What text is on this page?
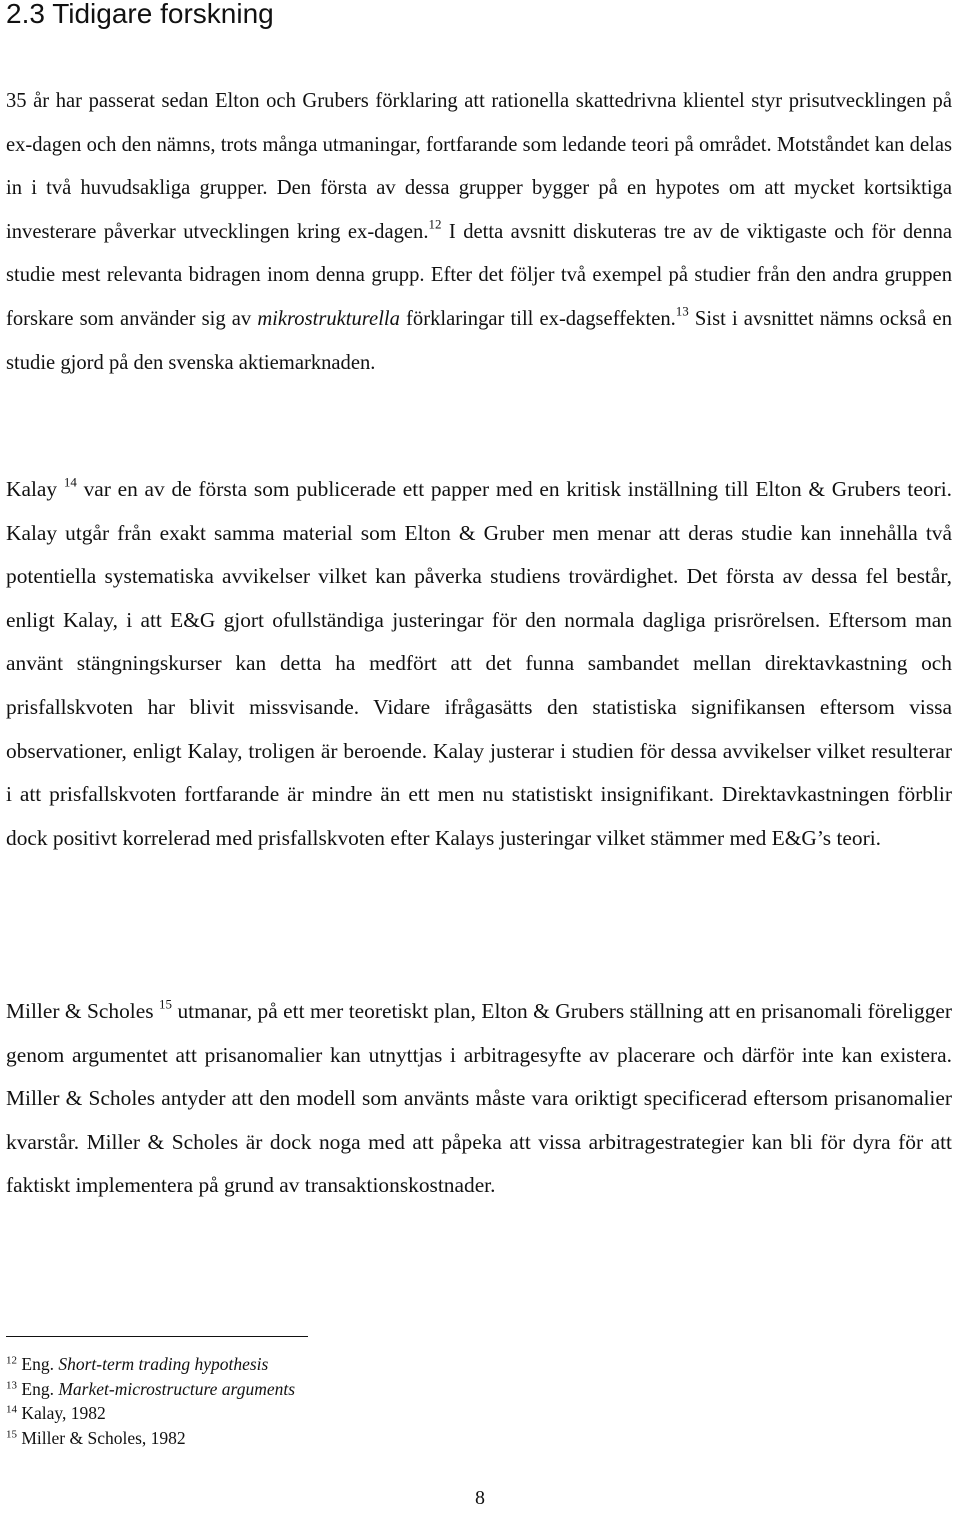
2.3 Tidigare forskning

35 år har passerat sedan Elton och Grubers förklaring att rationella skattedrivna klientel styr prisutvecklingen på ex-dagen och den nämns, trots många utmaningar, fortfarande som ledande teori på området. Motståndet kan delas in i två huvudsakliga grupper. Den första av dessa grupper bygger på en hypotes om att mycket kortsiktiga investerare påverkar utvecklingen kring ex-dagen.$^{12}$ I detta avsnitt diskuteras tre av de viktigaste och för denna studie mest relevanta bidragen inom denna grupp. Efter det följer två exempel på studier från den andra gruppen forskare som använder sig av mikrostrukturella förklaringar till ex-dagseffekten.$^{13}$ Sist i avsnittet nämns också en studie gjord på den svenska aktiemarknaden.

Kalay $^{14}$ var en av de första som publicerade ett papper med en kritisk inställning till Elton & Grubers teori. Kalay utgår från exakt samma material som Elton & Gruber men menar att deras studie kan innehålla två potentiella systematiska avvikelser vilket kan påverka studiens trovärdighet. Det första av dessa fel består, enligt Kalay, i att E&G gjort ofullständiga justeringar för den normala dagliga prisrörelsen. Eftersom man använt stängningskurser kan detta ha medfört att det funna sambandet mellan direktavkastning och prisfallskvoten har blivit missvisande. Vidare ifrågasätts den statistiska signifikansen eftersom vissa observationer, enligt Kalay, troligen är beroende. Kalay justerar i studien för dessa avvikelser vilket resulterar i att prisfallskvoten fortfarande är mindre än ett men nu statistiskt insignifikant. Direktavkastningen förblir dock positivt korrelerad med prisfallskvoten efter Kalays justeringar vilket stämmer med E&G’s teori.

Miller & Scholes $^{15}$ utmanar, på ett mer teoretiskt plan, Elton & Grubers ställning att en prisanomali föreligger genom argumentet att prisanomalier kan utnyttjas i arbitragesyfte av placerare och därför inte kan existera. Miller & Scholes antyder att den modell som använts måste vara oriktigt specificerad eftersom prisanomalier kvarstår. Miller & Scholes är dock noga med att påpeka att vissa arbitragestrategier kan bli för dyra för att faktiskt implementera på grund av transaktionskostnader.

$^{12}$ Eng. Short-term trading hypothesis
$^{13}$ Eng. Market-microstructure arguments
$^{14}$ Kalay, 1982
$^{15}$ Miller & Scholes, 1982
8
